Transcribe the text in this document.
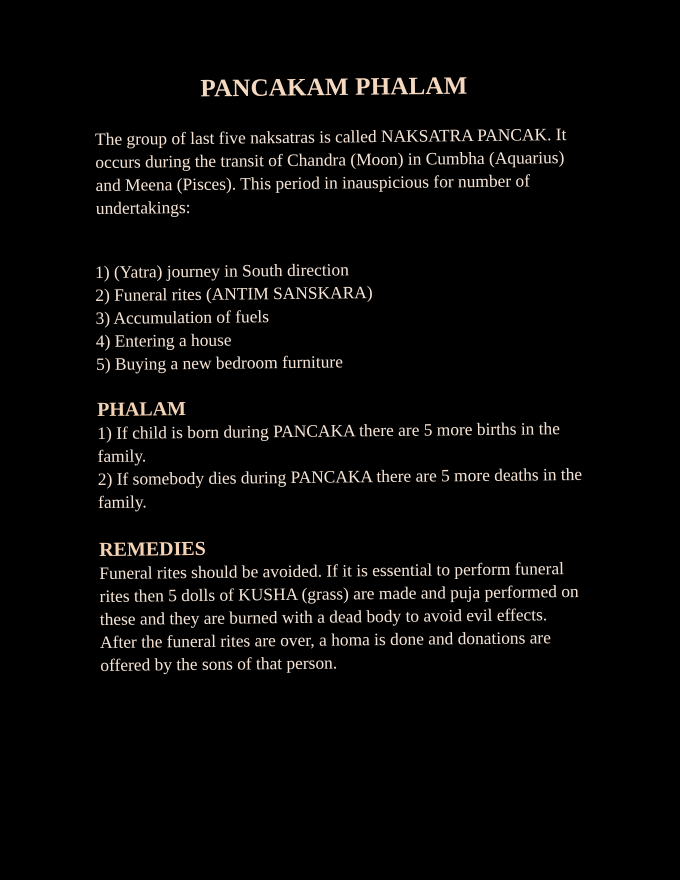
PANCAKAM PHALAM

The group of last five naksatras is called NAKSATRA PANCAK. It occurs during the transit of Chandra (Moon) in Cumbha (Aquarius) and Meena (Pisces). This period in inauspicious for number of undertakings:

1) (Yatra) journey in South direction
2) Funeral rites (ANTIM SANSKARA)
3) Accumulation of fuels
4) Entering a house
5) Buying a new bedroom furniture
PHALAM

1) If child is born during PANCAKA there are 5 more births in the family.

2) If somebody dies during PANCAKA there are 5 more deaths in the family.

REMEDIES

Funeral rites should be avoided. If it is essential to perform funeral rites then 5 dolls of KUSHA (grass) are made and puja performed on these and they are burned with a dead body to avoid evil effects. After the funeral rites are over, a homa is done and donations are offered by the sons of that person.
